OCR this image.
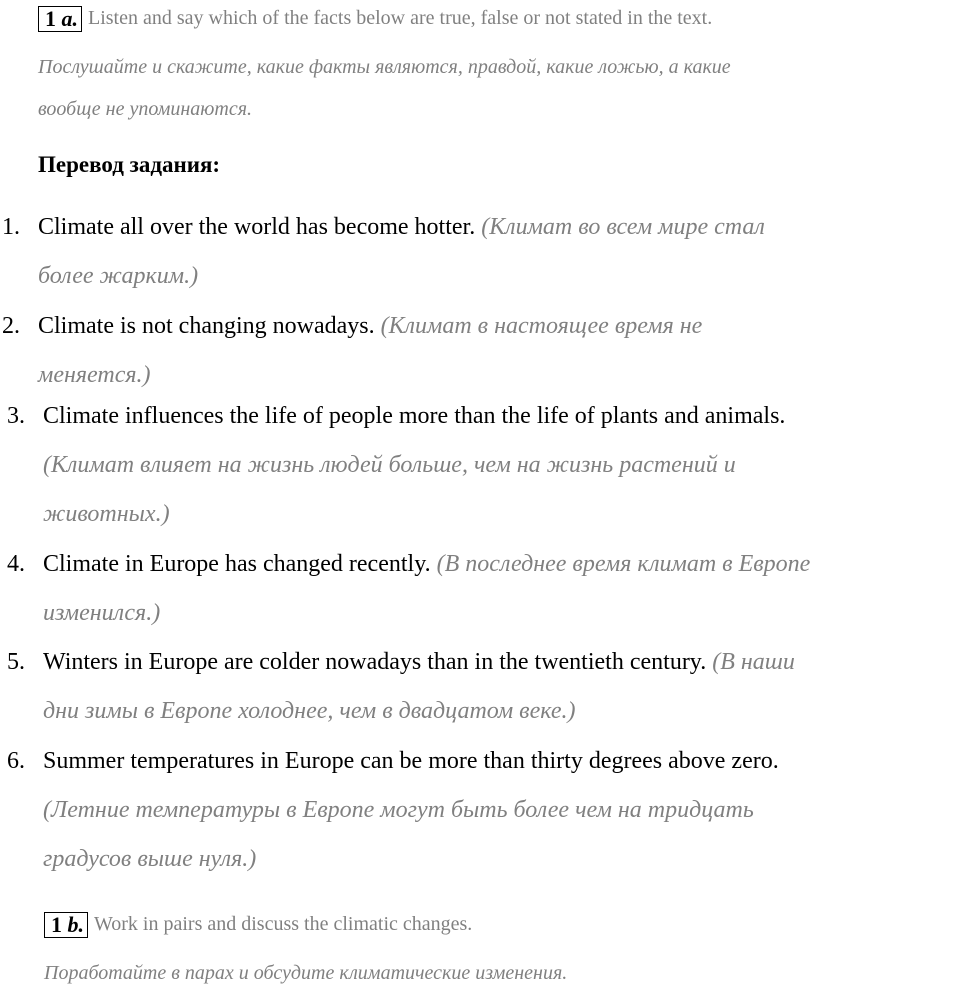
1 a. Listen and say which of the facts below are true, false or not stated in the text.
Послушайте и скажите, какие факты являются, правдой, какие ложью, а какие
вообще не упоминаются.
Перевод задания:
1. Climate all over the world has become hotter. (Климат во всем мире стал
более жарким.)
2. Climate is not changing nowadays. (Климат в настоящее время не
меняется.)
3. Climate influences the life of people more than the life of plants and animals.
(Климат влияет на жизнь людей больше, чем на жизнь растений и
животных.)
4. Climate in Europe has changed recently. (В последнее время климат в Европе
изменился.)
5. Winters in Europe are colder nowadays than in the twentieth century. (В наши
дни зимы в Европе холоднее, чем в двадцатом веке.)
6. Summer temperatures in Europe can be more than thirty degrees above zero.
(Летние температуры в Европе могут быть более чем на тридцать
градусов выше нуля.)
1 b. Work in pairs and discuss the climatic changes.
Поработайте в парах и обсудите климатические изменения.
